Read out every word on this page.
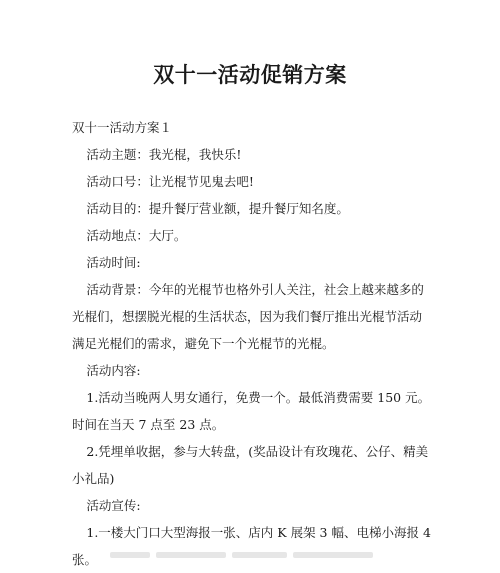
双十一活动促销方案

双十一活动方案１

活动主题：我光棍，我快乐!

活动口号：让光棍节见鬼去吧!

活动目的：提升餐厅营业额，提升餐厅知名度。

活动地点：大厅。

活动时间:

活动背景：今年的光棍节也格外引人关注，社会上越来越多的光棍们，想摆脱光棍的生活状态，因为我们餐厅推出光棍节活动满足光棍们的需求，避免下一个光棍节的光棍。

活动内容:

1.活动当晚两人男女通行，免费一个。最低消费需要 150 元。时间在当天 7 点至 23 点。

2.凭埋单收据，参与大转盘，(奖品设计有玫瑰花、公仔、精美小礼品)

活动宣传:

1.一楼大门口大型海报一张、店内 K 展架 3 幅、电梯小海报 4 张。
